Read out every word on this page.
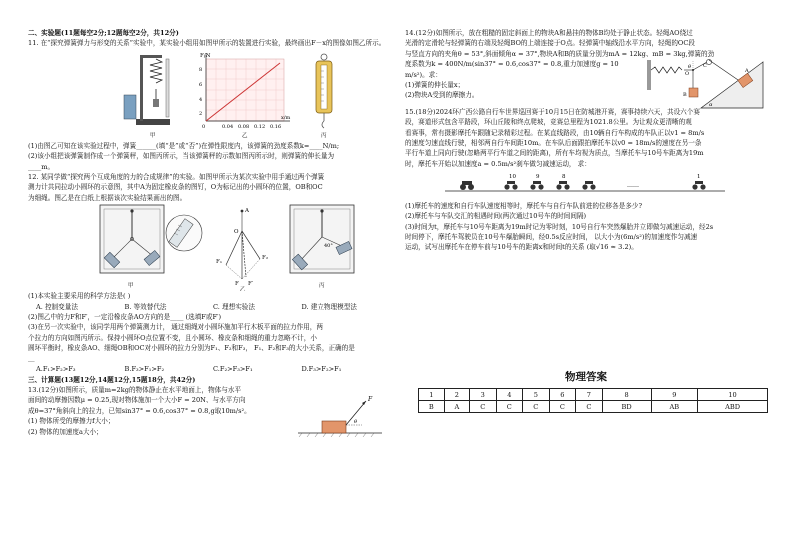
二、实验题(11题每空2分;12题每空2分，共12分)

11. 在“探究弹簧弹力与形变的关系”实验中，某实验小组用如图甲所示的装置进行实验，最终画出F－x的图像如图乙所示。

F/N
x/m
8
6
4
2
0	0.04 0.08 0.12 0.16
甲	乙	丙

(1)由图乙可知在该实验过程中，弹簧______(填“是”或“否”)在弹性限度内，该弹簧的劲度系数k=____N/m;

(2)该小组把该弹簧制作成一个弹簧秤，如图丙所示，当该弹簧秤的示数如图丙所示时，则弹簧的伸长量为

____m。

12. 某同学做“探究两个互成角度的力的合成规律”的实验。如图甲所示为某次实验中用手通过两个弹簧

测力计共同拉动小圆环的示意图，其中A为固定橡皮条的图钉，O为标记出的小圆环的位置，OB和OC

为细绳。图乙是在白纸上根据该次实验结果画出的图。

甲
A
O
F₁
F₂
F F′
乙
40°
丙

(1)本实验主要采用的科学方法是( )

A. 控制变量法	B. 等效替代法	C. 理想实验法	D. 建立物理模型法

(2)图乙中的力F和F′，一定沿橡皮条AO方向的是____ (选填F或F′)

(3)在另一次实验中，该同学用两个弹簧测力计， 通过细绳对小圆环施加平行木板平面的拉力作用，两

个拉力的方向如图丙所示。保持小圆环O点位置不变，且小圆环、橡皮条和细绳的重力忽略不计，小

圆环平衡时，橡皮条AO、细绳OB和OC对小圆环的拉力分别为F₁、F₂和F₃， F₁、F₂和F₃的大小关系，正确的是

＿

A.F₁>F₂>F₃	B.F₃>F₁>F₂	C.F₂>F₃>F₁	D.F₃>F₂>F₁

三、计算题(13题12分,14题12分,15题18分，共42分)

13.(12分)如图所示，质量m=2kg的物体静止在水平地面上，物体与水平

面间的动摩擦因数μ = 0.25,现对物体施加一个大小F = 20N、与水平方向

成θ=37°角斜向上的拉力，已知sin37° = 0.6,cos37° = 0.8,g取10m/s²。

(1) 物体所受的摩擦力f大小；

(2) 物体的加速度a大小；

F
θ

14.(12分)如图所示，放在粗糙的固定斜面上的物块A和悬挂的物体B均处于静止状态。轻绳AO绕过

光滑的定滑轮与轻弹簧的右端及轻绳BO的上端连接于O点。轻弹簧中轴线沿水平方向，轻绳的OC段

与竖直方向的夹角θ = 53°,斜面倾角α = 37°,物块A和B的质量分别为mA = 12kg、mB = 3kg,弹簧的劲

度系数为k = 400N/m(sin37° = 0.6,cos37° = 0.8,重力加速度g = 10

m/s²)。求：

(1)弹簧的伸长量x；

(2)物块A受到的摩擦力。

θ
O
C
B
A
α

15.(18分)2024环广西公路自行车世界巡回赛于10月15日在防城港开赛，赛事持续六天，共设六个赛

段，赛道形式包含平路段，环山丘陵和终点爬坡，竞赛总里程为1021.8公里。为让观众更清晰的观

看赛事，常有摄影摩托车跟随记录精彩过程。在某直线路段，由10辆自行车构成的车队正以v1 = 8m/s

的速度匀速直线行驶，相邻两自行车间距10m。在车队后面跟拍摩托车以v0 = 18m/s的速度在另一条

平行车道上同向行驶(忽略两平行车道之间的距离)，所有车均视为质点，当摩托车与10号车距离为19m

时，摩托车开始以加速度a = 0.5m/s²刹车做匀减速运动， 求：

10	9	8	1
……

(1)摩托车的速度和自行车队速度相等时，摩托车与自行车队前进的位移各是多少?

(2)摩托车与车队交汇的相遇时间(两次通过10号车的时间间隔)

(3)时间为t，摩托车与10号车距离为19m时记为零时刻，10号自行车突然爆胎并立即做匀减速运动，经2s

时间停下，摩托车驾驶员在10号车爆胎瞬间，经0.5s反应时间， 以大小为(6m/s²)的加速度作匀减速

运动，试写出摩托车在停车前与10号车的距离x和时间t的关系 (取√16 ≈ 3.2)。

物理答案
1	2	3	4	5	6	7	8	9	10
B	A	C	C	C	C	C	BD	AB	ABD
